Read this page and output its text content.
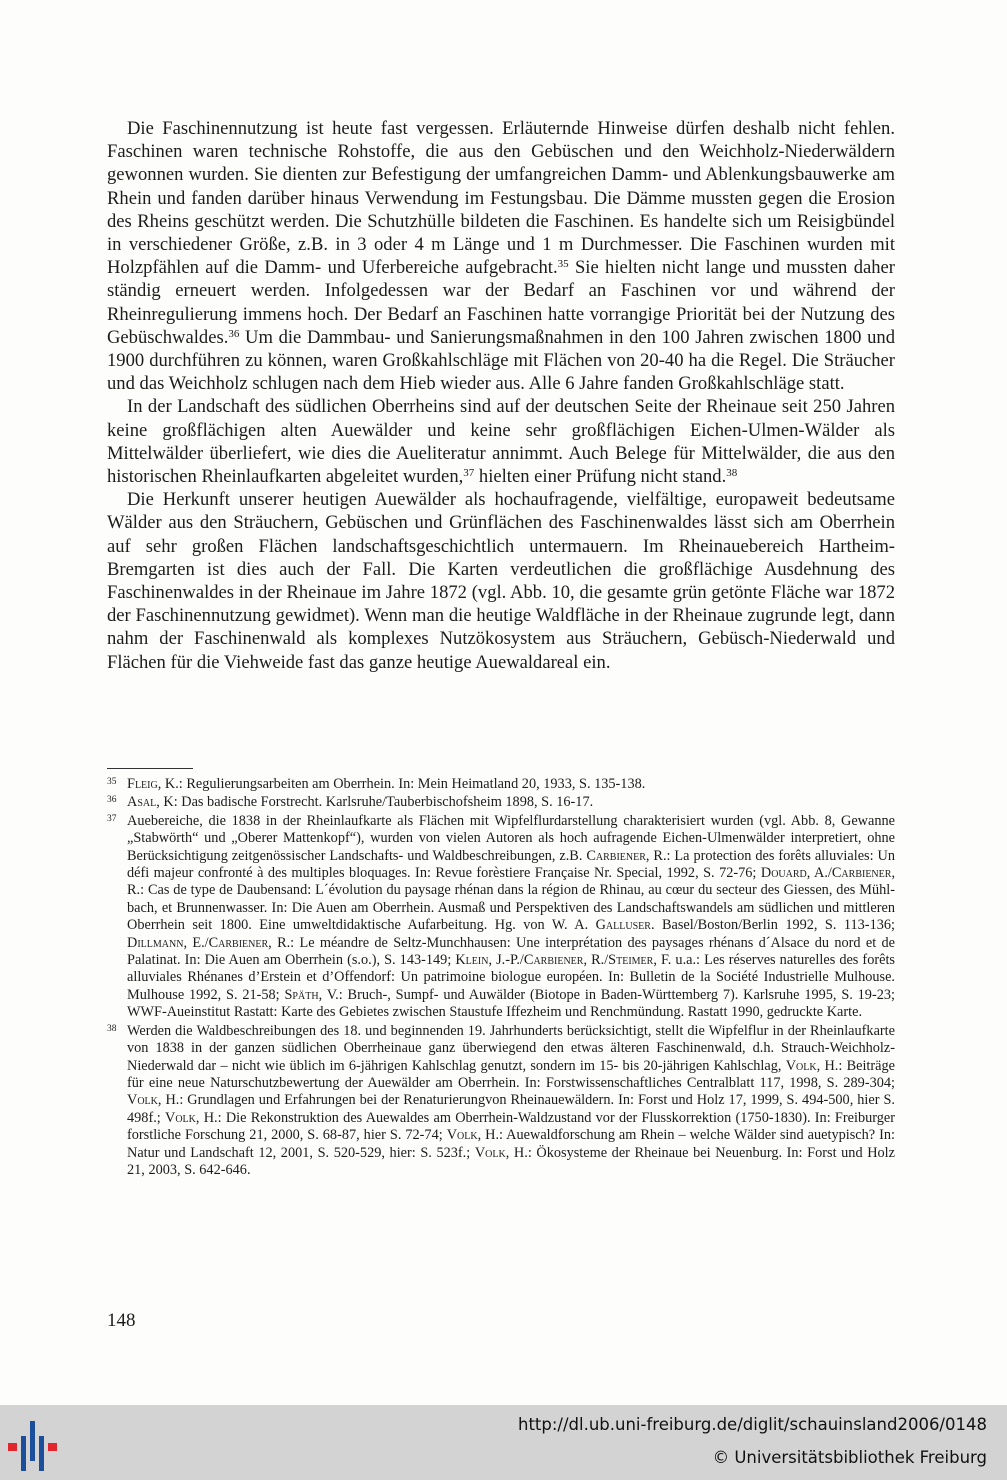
Die Faschinennutzung ist heute fast vergessen. Erläuternde Hinweise dürfen deshalb nicht fehlen. Faschinen waren technische Rohstoffe, die aus den Gebüschen und den Weichholz-Niederwäldern gewonnen wurden. Sie dienten zur Befestigung der umfangreichen Damm- und Ablenkungsbauwerke am Rhein und fanden darüber hinaus Verwendung im Festungsbau. Die Dämme mussten gegen die Erosion des Rheins geschützt werden. Die Schutzhülle bildeten die Faschinen. Es handelte sich um Reisigbündel in verschiedener Größe, z.B. in 3 oder 4 m Länge und 1 m Durchmesser. Die Faschinen wurden mit Holzpfählen auf die Damm- und Uferbereiche aufgebracht.$^{35}$ Sie hielten nicht lange und mussten daher ständig erneuert werden. Infolgedessen war der Bedarf an Faschinen vor und während der Rheinregulierung immens hoch. Der Bedarf an Faschinen hatte vorrangige Priorität bei der Nutzung des Gebüschwaldes.$^{36}$ Um die Dammbau- und Sanierungsmaßnahmen in den 100 Jahren zwischen 1800 und 1900 durchführen zu können, waren Großkahlschläge mit Flächen von 20-40 ha die Regel. Die Sträucher und das Weichholz schlugen nach dem Hieb wieder aus. Alle 6 Jahre fanden Großkahlschläge statt.

In der Landschaft des südlichen Oberrheins sind auf der deutschen Seite der Rheinaue seit 250 Jahren keine großflächigen alten Auewälder und keine sehr großflächigen Eichen-Ulmen-Wälder als Mittelwälder überliefert, wie dies die Aueliteratur annimmt. Auch Belege für Mittelwälder, die aus den historischen Rheinlaufkarten abgeleitet wurden,$^{37}$ hielten einer Prüfung nicht stand.$^{38}$

Die Herkunft unserer heutigen Auewälder als hochaufragende, vielfältige, europaweit bedeutsame Wälder aus den Sträuchern, Gebüschen und Grünflächen des Faschinenwaldes lässt sich am Oberrhein auf sehr großen Flächen landschaftsgeschichtlich untermauern. Im Rheinauebereich Hartheim-Bremgarten ist dies auch der Fall. Die Karten verdeutlichen die großflächige Ausdehnung des Faschinenwaldes in der Rheinaue im Jahre 1872 (vgl. Abb. 10, die gesamte grün getönte Fläche war 1872 der Faschinennutzung gewidmet). Wenn man die heutige Waldfläche in der Rheinaue zugrunde legt, dann nahm der Faschinenwald als komplexes Nutzökosystem aus Sträuchern, Gebüsch-Niederwald und Flächen für die Viehweide fast das ganze heutige Auewaldareal ein.

35 Fleig, K.: Regulierungsarbeiten am Oberrhein. In: Mein Heimatland 20, 1933, S. 135-138.
36 Asal, K: Das badische Forstrecht. Karlsruhe/Tauberbischofsheim 1898, S. 16-17.
37 Auebereiche, die 1838 in der Rheinlaufkarte als Flächen mit Wipfelflurdarstellung charakterisiert wurden (vgl. Abb. 8, Gewanne „Stabwörth“ und „Oberer Mattenkopf“), wurden von vielen Autoren als hoch aufragende Eichen-Ulmenwälder interpretiert, ohne Berücksichtigung zeitgenössischer Landschafts- und Waldbeschreibungen, z.B. Carbiener, R.: La protection des forêts alluviales: Un défi majeur confronté à des multiples bloquages. In: Revue forèstiere Française Nr. Special, 1992, S. 72-76; Douard, A./Carbiener, R.: Cas de type de Daubensand: L´évolution du paysage rhénan dans la région de Rhinau, au cœur du secteur des Giessen, des Mühlbach, et Brunnenwasser. In: Die Auen am Oberrhein. Ausmaß und Perspektiven des Landschaftswandels am südlichen und mittleren Oberrhein seit 1800. Eine umweltdidaktische Aufarbeitung. Hg. von W. A. Galluser. Basel/Boston/Berlin 1992, S. 113-136; Dillmann, E./Carbiener, R.: Le méandre de Seltz-Munchhausen: Une interprétation des paysages rhénans d´Alsace du nord et de Palatinat. In: Die Auen am Oberrhein (s.o.), S. 143-149; Klein, J.-P./Carbiener, R./Steimer, F. u.a.: Les réserves naturelles des forêts alluviales Rhénanes d’Erstein et d’Offendorf: Un patrimoine biologue européen. In: Bulletin de la Société Industrielle Mulhouse. Mulhouse 1992, S. 21-58; Späth, V.: Bruch-, Sumpf- und Auwälder (Biotope in Baden-Württemberg 7). Karlsruhe 1995, S. 19-23; WWF-Aueinstitut Rastatt: Karte des Gebietes zwischen Staustufe Iffezheim und Renchmündung. Rastatt 1990, gedruckte Karte.
38 Werden die Waldbeschreibungen des 18. und beginnenden 19. Jahrhunderts berücksichtigt, stellt die Wipfelflur in der Rheinlaufkarte von 1838 in der ganzen südlichen Oberrheinaue ganz überwiegend den etwas älteren Faschinenwald, d.h. Strauch-Weichholz-Niederwald dar – nicht wie üblich im 6-jährigen Kahlschlag genutzt, sondern im 15- bis 20-jährigen Kahlschlag, Volk, H.: Beiträge für eine neue Naturschutzbewertung der Auewälder am Oberrhein. In: Forstwissenschaftliches Centralblatt 117, 1998, S. 289-304; Volk, H.: Grundlagen und Erfahrungen bei der Renaturierungvon Rheinauewäldern. In: Forst und Holz 17, 1999, S. 494-500, hier S. 498f.; Volk, H.: Die Rekonstruktion des Auewaldes am Oberrhein-Waldzustand vor der Flusskorrektion (1750-1830). In: Freiburger forstliche Forschung 21, 2000, S. 68-87, hier S. 72-74; Volk, H.: Auewaldforschung am Rhein – welche Wälder sind auetypisch? In: Natur und Landschaft 12, 2001, S. 520-529, hier: S. 523f.; Volk, H.: Ökosysteme der Rheinaue bei Neuenburg. In: Forst und Holz 21, 2003, S. 642-646.
148
http://dl.ub.uni-freiburg.de/diglit/schauinsland2006/0148
© Universitätsbibliothek Freiburg
